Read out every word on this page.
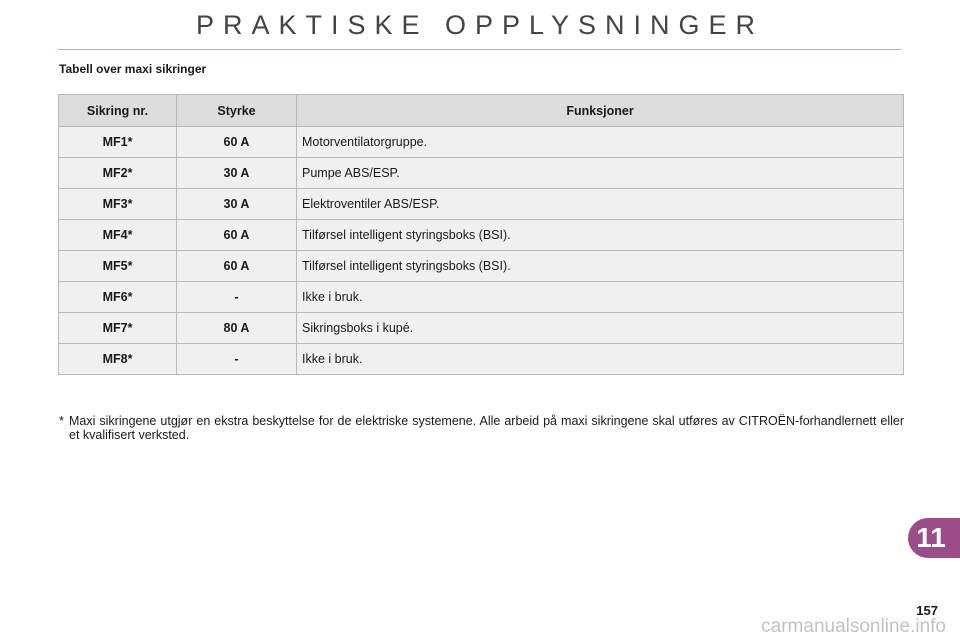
PRAKTISKE OPPLYSNINGER
Tabell over maxi sikringer
Sikring nr.	Styrke	Funksjoner
MF1*	60 A	Motorventilatorgruppe.
MF2*	30 A	Pumpe ABS/ESP.
MF3*	30 A	Elektroventiler ABS/ESP.
MF4*	60 A	Tilførsel intelligent styringsboks (BSI).
MF5*	60 A	Tilførsel intelligent styringsboks (BSI).
MF6*	-	Ikke i bruk.
MF7*	80 A	Sikringsboks i kupé.
MF8*	-	Ikke i bruk.
* Maxi sikringene utgjør en ekstra beskyttelse for de elektriske systemene. Alle arbeid på maxi sikringene skal utføres av CITROËN-forhandlernett eller et kvalifisert verksted.
11
157
carmanualsonline.info
